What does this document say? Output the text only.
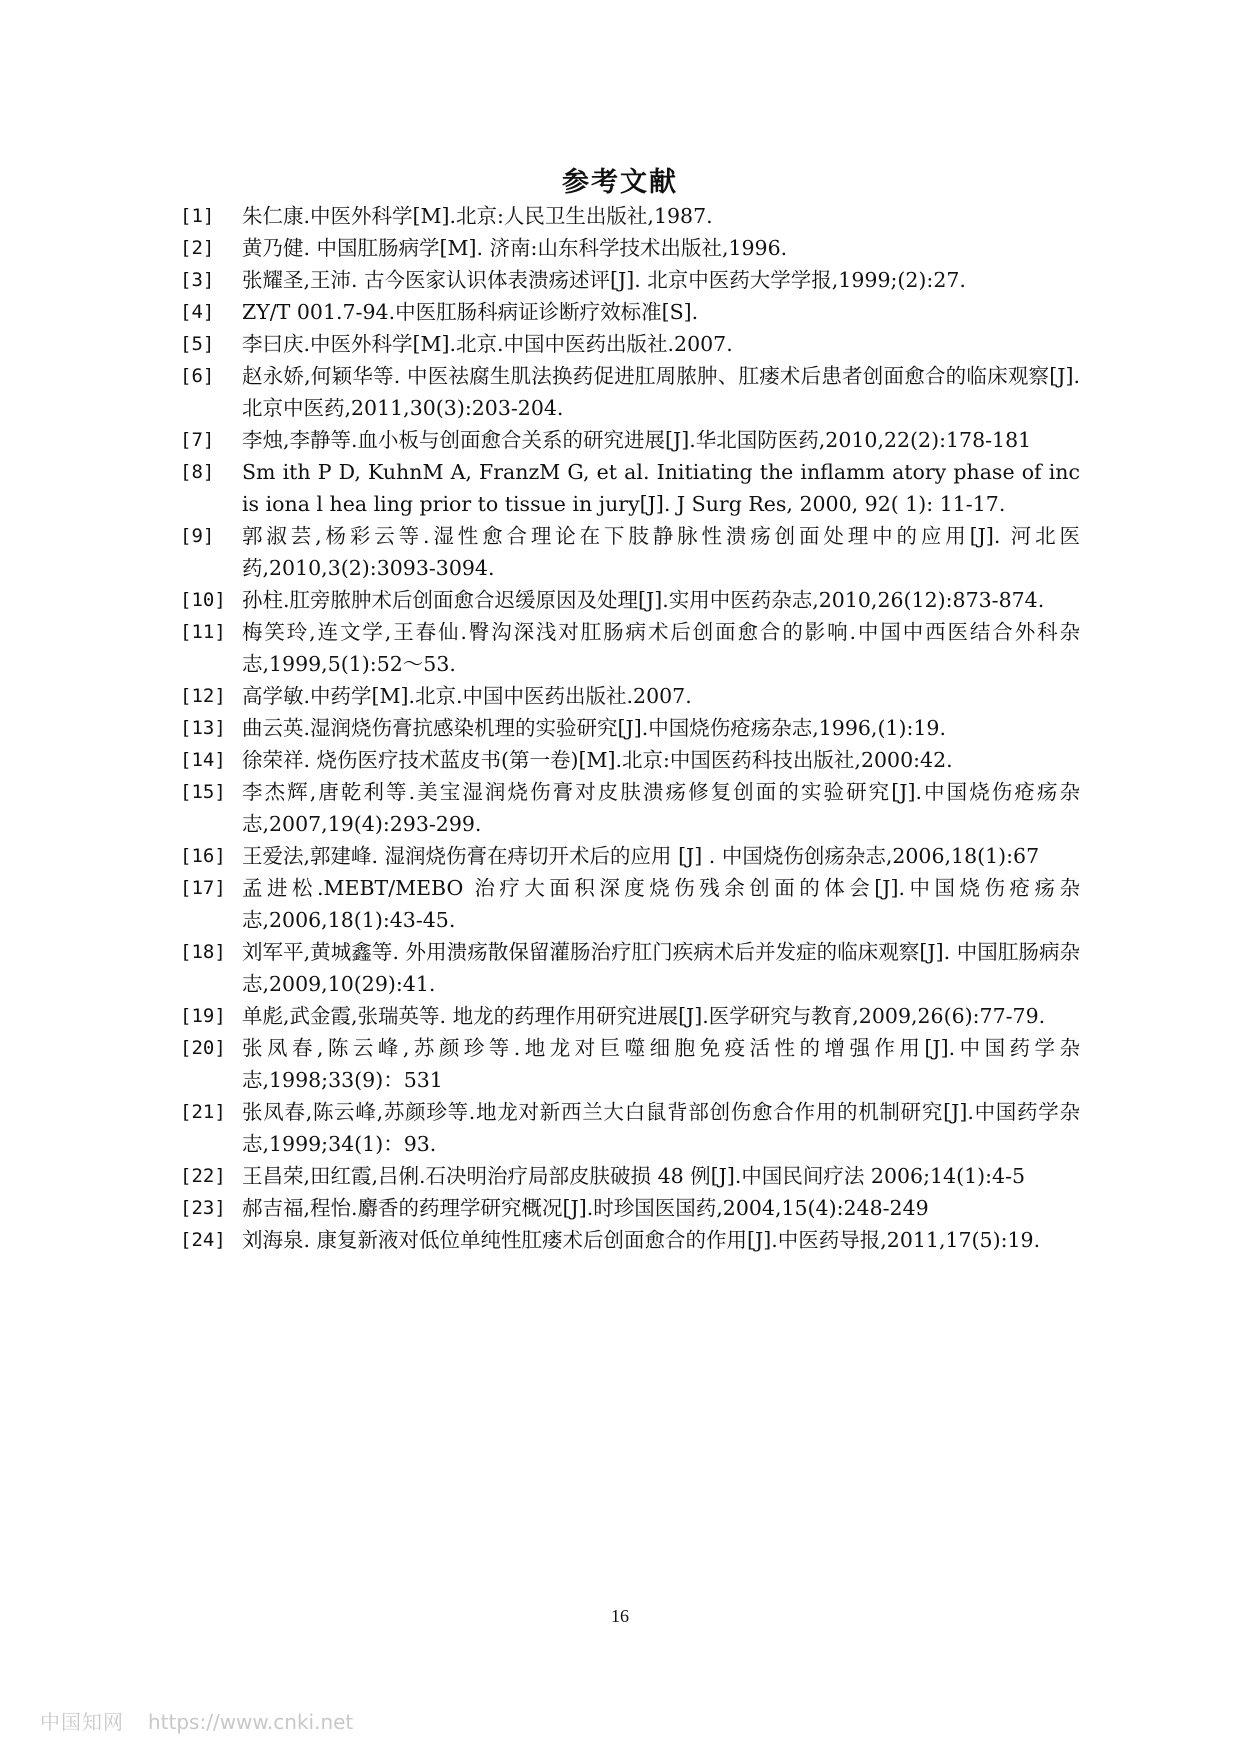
参考文献
[1]	朱仁康.中医外科学[M].北京:人民卫生出版社,1987.
[2]	黄乃健. 中国肛肠病学[M]. 济南:山东科学技术出版社,1996.
[3]	张耀圣,王沛. 古今医家认识体表溃疡述评[J]. 北京中医药大学学报,1999;(2):27.
[4]	ZY/T 001.7-94.中医肛肠科病证诊断疗效标准[S].
[5]	李曰庆.中医外科学[M].北京.中国中医药出版社.2007.
[6]	赵永娇,何颖华等. 中医祛腐生肌法换药促进肛周脓肿、肛瘘术后患者创面愈合的临床观察[J].北京中医药,2011,30(3):203-204.
[7]	李烛,李静等.血小板与创面愈合关系的研究进展[J].华北国防医药,2010,22(2):178-181
[8]	Sm ith P D, KuhnM A, FranzM G, et al. Initiating the inflamm atory phase of inc is iona l hea ling prior to tissue in jury[J]. J Surg Res, 2000, 92( 1): 11-17.
[9]	郭淑芸,杨彩云等.湿性愈合理论在下肢静脉性溃疡创面处理中的应用[J]. 河北医药,2010,3(2):3093-3094.
[10] 孙柱.肛旁脓肿术后创面愈合迟缓原因及处理[J].实用中医药杂志,2010,26(12):873-874.
[11] 梅笑玲,连文学,王春仙.臀沟深浅对肛肠病术后创面愈合的影响.中国中西医结合外科杂志,1999,5(1):52～53.
[12] 高学敏.中药学[M].北京.中国中医药出版社.2007.
[13] 曲云英.湿润烧伤膏抗感染机理的实验研究[J].中国烧伤疮疡杂志,1996,(1):19.
[14] 徐荣祥. 烧伤医疗技术蓝皮书(第一卷)[M].北京:中国医药科技出版社,2000:42.
[15] 李杰辉,唐乾利等.美宝湿润烧伤膏对皮肤溃疡修复创面的实验研究[J].中国烧伤疮疡杂志,2007,19(4):293-299.
[16] 王爱法,郭建峰. 湿润烧伤膏在痔切开术后的应用 [J] . 中国烧伤创疡杂志,2006,18(1):67
[17] 孟进松.MEBT/MEBO 治疗大面积深度烧伤残余创面的体会[J].中国烧伤疮疡杂志,2006,18(1):43-45.
[18] 刘军平,黄城鑫等. 外用溃疡散保留灌肠治疗肛门疾病术后并发症的临床观察[J]. 中国肛肠病杂志,2009,10(29):41.
[19] 单彪,武金霞,张瑞英等. 地龙的药理作用研究进展[J].医学研究与教育,2009,26(6):77-79.
[20] 张凤春,陈云峰,苏颜珍等.地龙对巨噬细胞免疫活性的增强作用[J].中国药学杂志,1998;33(9)：531
[21] 张凤春,陈云峰,苏颜珍等.地龙对新西兰大白鼠背部创伤愈合作用的机制研究[J].中国药学杂志,1999;34(1)：93.
[22] 王昌荣,田红霞,吕俐.石决明治疗局部皮肤破损 48 例[J].中国民间疗法 2006;14(1):4-5
[23] 郝吉福,程怡.麝香的药理学研究概况[J].时珍国医国药,2004,15(4):248-249
[24] 刘海泉. 康复新液对低位单纯性肛瘘术后创面愈合的作用[J].中医药导报,2011,17(5):19.
16
中国知网 https://www.cnki.net
